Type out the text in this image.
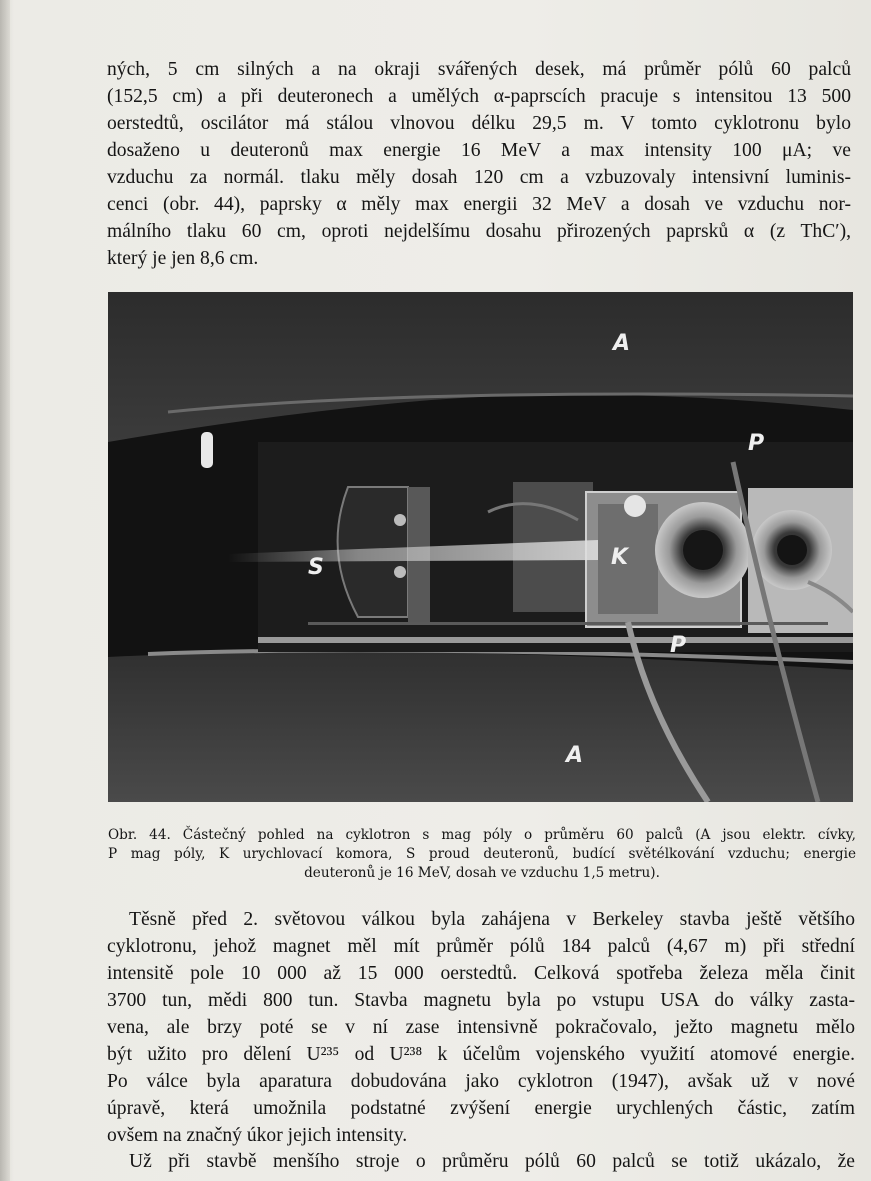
ných, 5 cm silných a na okraji svářených desek, má průměr pólů 60 palců
(152,5 cm) a při deuteronech a umělých α-paprscích pracuje s intensitou 13 500
oerstedtů, oscilátor má stálou vlnovou délku 29,5 m. V tomto cyklotronu bylo
dosaženo u deuteronů max energie 16 MeV a max intensity 100 μA; ve
vzduchu za normál. tlaku měly dosah 120 cm a vzbuzovaly intensivní luminis-
cenci (obr. 44), paprsky α měly max energii 32 MeV a dosah ve vzduchu nor-
málního tlaku 60 cm, oproti nejdelšímu dosahu přirozených paprsků α (z ThC′),
který je jen 8,6 cm.

A
P
S	K
P
A
Obr. 44. Částečný pohled na cyklotron s mag póly o průměru 60 palců (A jsou elektr. cívky,
P mag póly, K urychlovací komora, S proud deuteronů, budící světélkování vzduchu; energie
deuteronů je 16 MeV, dosah ve vzduchu 1,5 metru).

Těsně před 2. světovou válkou byla zahájena v Berkeley stavba ještě většího
cyklotronu, jehož magnet měl mít průměr pólů 184 palců (4,67 m) při střední
intensitě pole 10 000 až 15 000 oerstedtů. Celková spotřeba železa měla činit
3700 tun, mědi 800 tun. Stavba magnetu byla po vstupu USA do války zasta-
vena, ale brzy poté se v ní zase intensivně pokračovalo, ježto magnetu mělo
být užito pro dělení U²³⁵ od U²³⁸ k účelům vojenského využití atomové energie.
Po válce byla aparatura dobudována jako cyklotron (1947), avšak už v nové
úpravě, která umožnila podstatné zvýšení energie urychlených částic, zatím
ovšem na značný úkor jejich intensity.

Už při stavbě menšího stroje o průměru pólů 60 palců se totiž ukázalo, že
